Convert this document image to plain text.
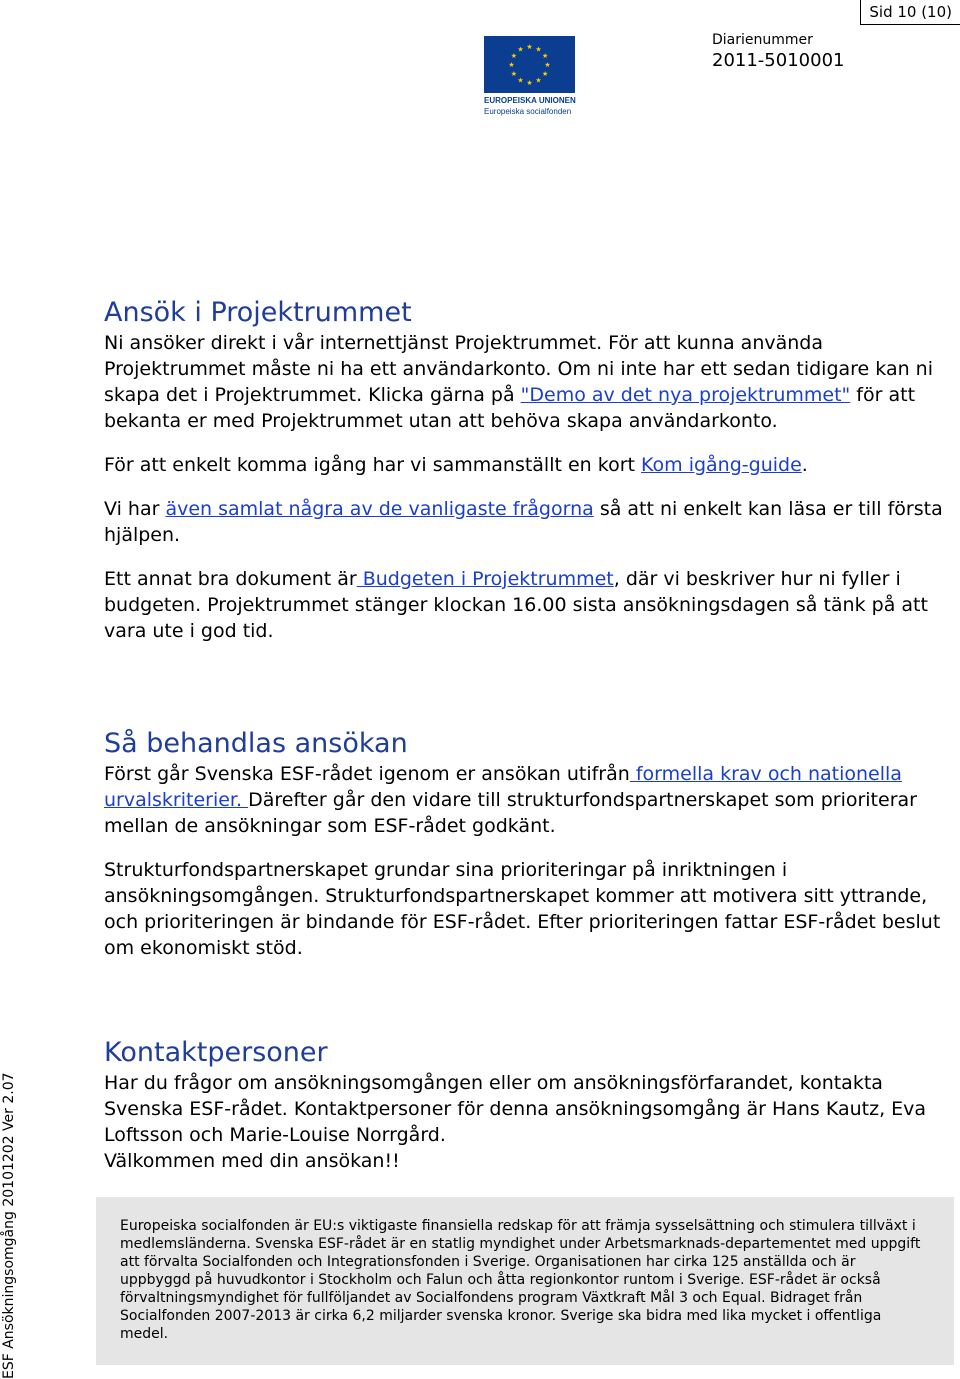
Sid 10 (10)
★
★
★
★
★
★
★
★
★ ★ ★
★
EUROPEISKA UNIONEN
Europeiska socialfonden
Diarienummer
2011-5010001
Ansök i Projektrummet

Ni ansöker direkt i vår internettjänst Projektrummet. För att kunna använda Projektrummet måste ni ha ett användarkonto. Om ni inte har ett sedan tidigare kan ni skapa det i Projektrummet. Klicka gärna på "Demo av det nya projektrummet" för att bekanta er med Projektrummet utan att behöva skapa användarkonto.

För att enkelt komma igång har vi sammanställt en kort Kom igång-guide.

Vi har även samlat några av de vanligaste frågorna så att ni enkelt kan läsa er till första hjälpen.

Ett annat bra dokument är Budgeten i Projektrummet, där vi beskriver hur ni fyller i budgeten. Projektrummet stänger klockan 16.00 sista ansökningsdagen så tänk på att vara ute i god tid.

Så behandlas ansökan

Först går Svenska ESF-rådet igenom er ansökan utifrån formella krav och nationella urvalskriterier. Därefter går den vidare till strukturfondspartnerskapet som prioriterar mellan de ansökningar som ESF-rådet godkänt.

Strukturfondspartnerskapet grundar sina prioriteringar på inriktningen i ansökningsomgången. Strukturfondspartnerskapet kommer att motivera sitt yttrande, och prioriteringen är bindande för ESF-rådet. Efter prioriteringen fattar ESF-rådet beslut om ekonomiskt stöd.

Kontaktpersoner

Har du frågor om ansökningsomgången eller om ansökningsförfarandet, kontakta Svenska ESF-rådet. Kontaktpersoner för denna ansökningsomgång är Hans Kautz, Eva Loftsson och Marie-Louise Norrgård.

Välkommen med din ansökan!!

ESF Ansökningsomgång 20101202 Ver 2.07	Europeiska socialfonden är EU:s viktigaste finansiella redskap för att främja sysselsättning och stimulera tillväxt i medlemsländerna. Svenska ESF-rådet är en statlig myndighet under Arbetsmarknads-departementet med uppgift att förvalta Socialfonden och Integrationsfonden i Sverige. Organisationen har cirka 125 anställda och är uppbyggd på huvudkontor i Stockholm och Falun och åtta regionkontor runtom i Sverige. ESF-rådet är också förvaltningsmyndighet för fullföljandet av Socialfondens program Växtkraft Mål 3 och Equal. Bidraget från Socialfonden 2007-2013 är cirka 6,2 miljarder svenska kronor. Sverige ska bidra med lika mycket i offentliga medel.
